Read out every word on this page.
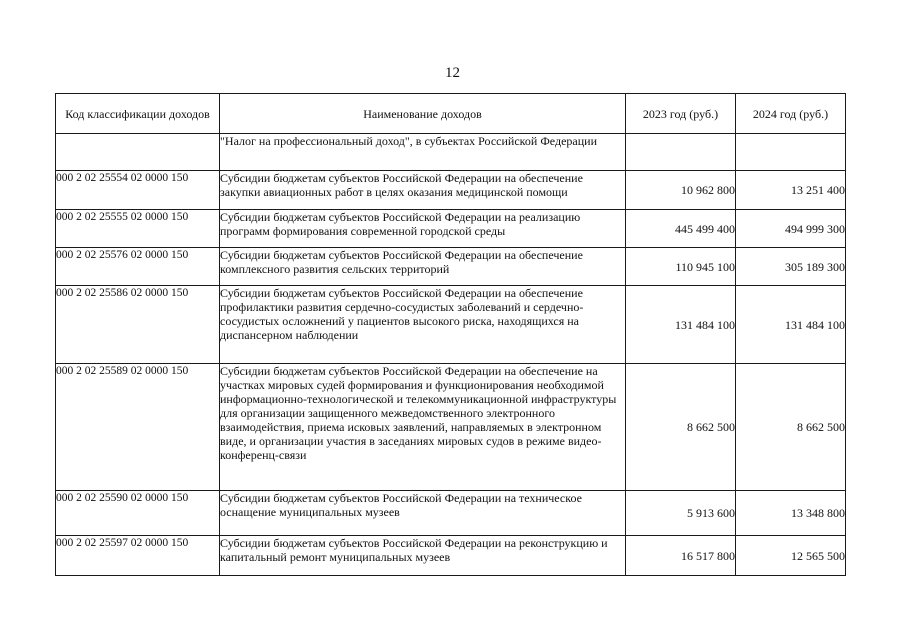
12
Код классификации доходов	Наименование доходов	2023 год (руб.)	2024 год (руб.)
	"Налог на профессиональный доход", в субъектах Российской Федерации		
000 2 02 25554 02 0000 150	Субсидии бюджетам субъектов Российской Федерации на обеспечение закупки авиационных работ в целях оказания медицинской помощи	10 962 800	13 251 400
000 2 02 25555 02 0000 150	Субсидии бюджетам субъектов Российской Федерации на реализацию программ формирования современной городской среды	445 499 400	494 999 300
000 2 02 25576 02 0000 150	Субсидии бюджетам субъектов Российской Федерации на обеспечение комплексного развития сельских территорий	110 945 100	305 189 300
000 2 02 25586 02 0000 150	Субсидии бюджетам субъектов Российской Федерации на обеспечение профилактики развития сердечно-сосудистых заболеваний и сердечно-сосудистых осложнений у пациентов высокого риска, находящихся на диспансерном наблюдении	131 484 100	131 484 100
000 2 02 25589 02 0000 150	Субсидии бюджетам субъектов Российской Федерации на обеспечение на участках мировых судей формирования и функционирования необходимой информационно-технологической и телекоммуникационной инфраструктуры для организации защищенного межведомственного электронного взаимодействия, приема исковых заявлений, направляемых в электронном виде, и организации участия в заседаниях мировых судов в режиме видео-конференц-связи	8 662 500	8 662 500
000 2 02 25590 02 0000 150	Субсидии бюджетам субъектов Российской Федерации на техническое оснащение муниципальных музеев	5 913 600	13 348 800
000 2 02 25597 02 0000 150	Субсидии бюджетам субъектов Российской Федерации на реконструкцию и капитальный ремонт муниципальных музеев	16 517 800	12 565 500
